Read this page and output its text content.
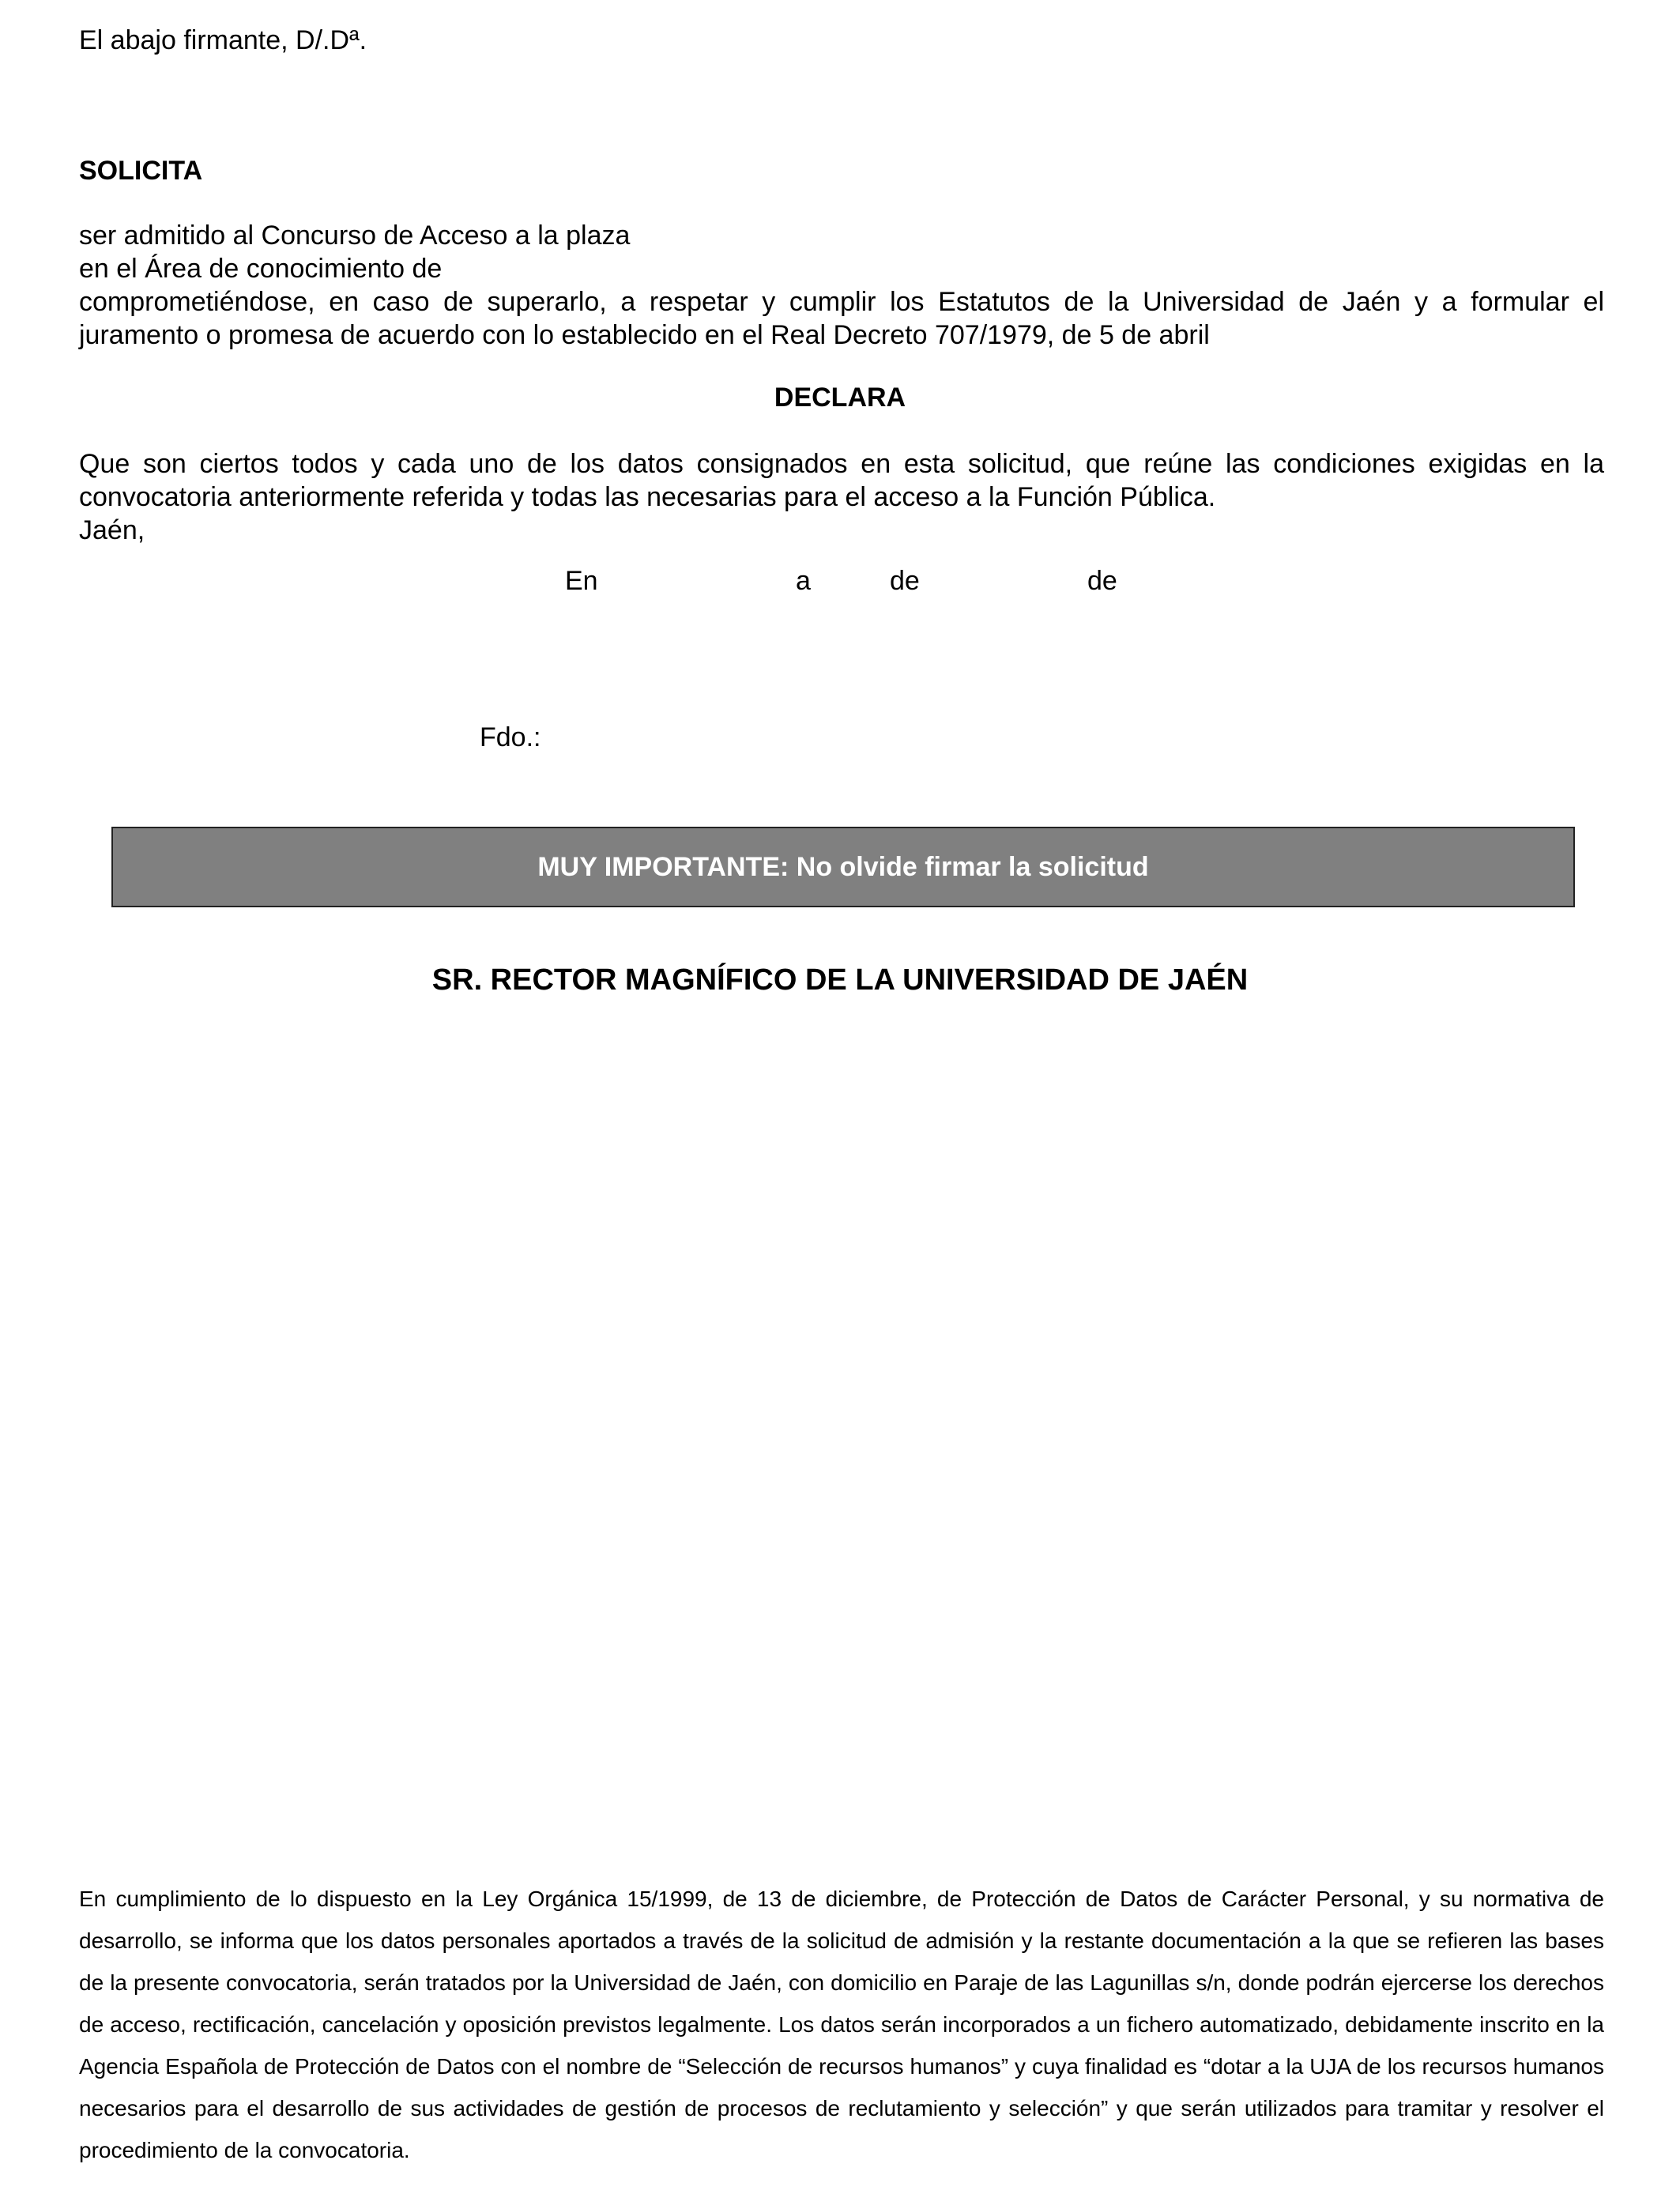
El abajo firmante, D/.Dª.

SOLICITA

ser admitido al Concurso de Acceso a la plaza

en el Área de conocimiento de

comprometiéndose, en caso de superarlo, a respetar y cumplir los Estatutos de la Universidad de Jaén y a formular el juramento o promesa de acuerdo con lo establecido en el Real Decreto 707/1979, de 5 de abril

DECLARA

Que son ciertos todos y cada uno de los datos consignados en esta solicitud, que reúne las condiciones exigidas en la convocatoria anteriormente referida y todas las necesarias para el acceso a la Función Pública.

Jaén,

En	a	de	de

Fdo.:

MUY IMPORTANTE: No olvide firmar la solicitud

SR. RECTOR MAGNÍFICO DE LA UNIVERSIDAD DE JAÉN

En cumplimiento de lo dispuesto en la Ley Orgánica 15/1999, de 13 de diciembre, de Protección de Datos de Carácter Personal, y su normativa de desarrollo, se informa que los datos personales aportados a través de la solicitud de admisión y la restante documentación a la que se refieren las bases de la presente convocatoria, serán tratados por la Universidad de Jaén, con domicilio en Paraje de las Lagunillas s/n, donde podrán ejercerse los derechos de acceso, rectificación, cancelación y oposición previstos legalmente. Los datos serán incorporados a un fichero automatizado, debidamente inscrito en la Agencia Española de Protección de Datos con el nombre de “Selección de recursos humanos” y cuya finalidad es “dotar a la UJA de los recursos humanos necesarios para el desarrollo de sus actividades de gestión de procesos de reclutamiento y selección” y que serán utilizados para tramitar y resolver el procedimiento de la convocatoria.
